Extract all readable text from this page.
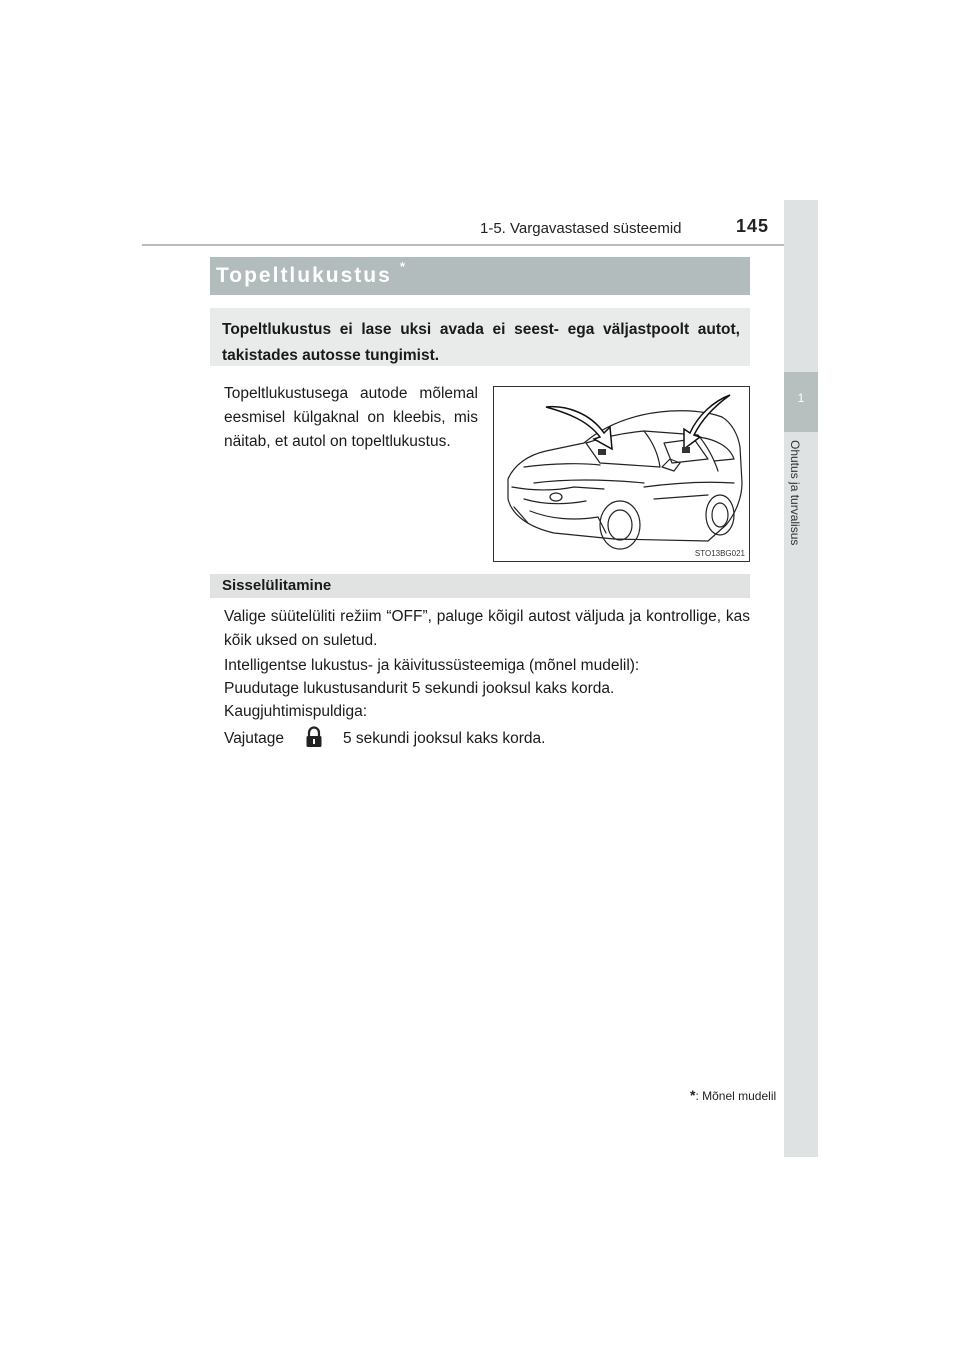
1-5. Vargavastased süsteemid	145
1
Ohutus ja turvalisus
Topeltlukustus *

Topeltlukustus ei lase uksi avada ei seest- ega väljastpoolt autot, takistades autosse tungimist.

Topeltlukustusega autode mõlemal eesmisel külgaknal on kleebis, mis näitab, et autol on topeltlukustus.

STO13BG021
Sisselülitamine

Valige süütelüliti režiim “OFF”, paluge kõigil autost väljuda ja kontrollige, kas kõik uksed on suletud.

Intelligentse lukustus- ja käivitussüsteemiga (mõnel mudelil):
Puudutage lukustusandurit 5 sekundi jooksul kaks korda.
Kaugjuhtimispuldiga:
Vajutage	5 sekundi jooksul kaks korda.
*: Mõnel mudelil
